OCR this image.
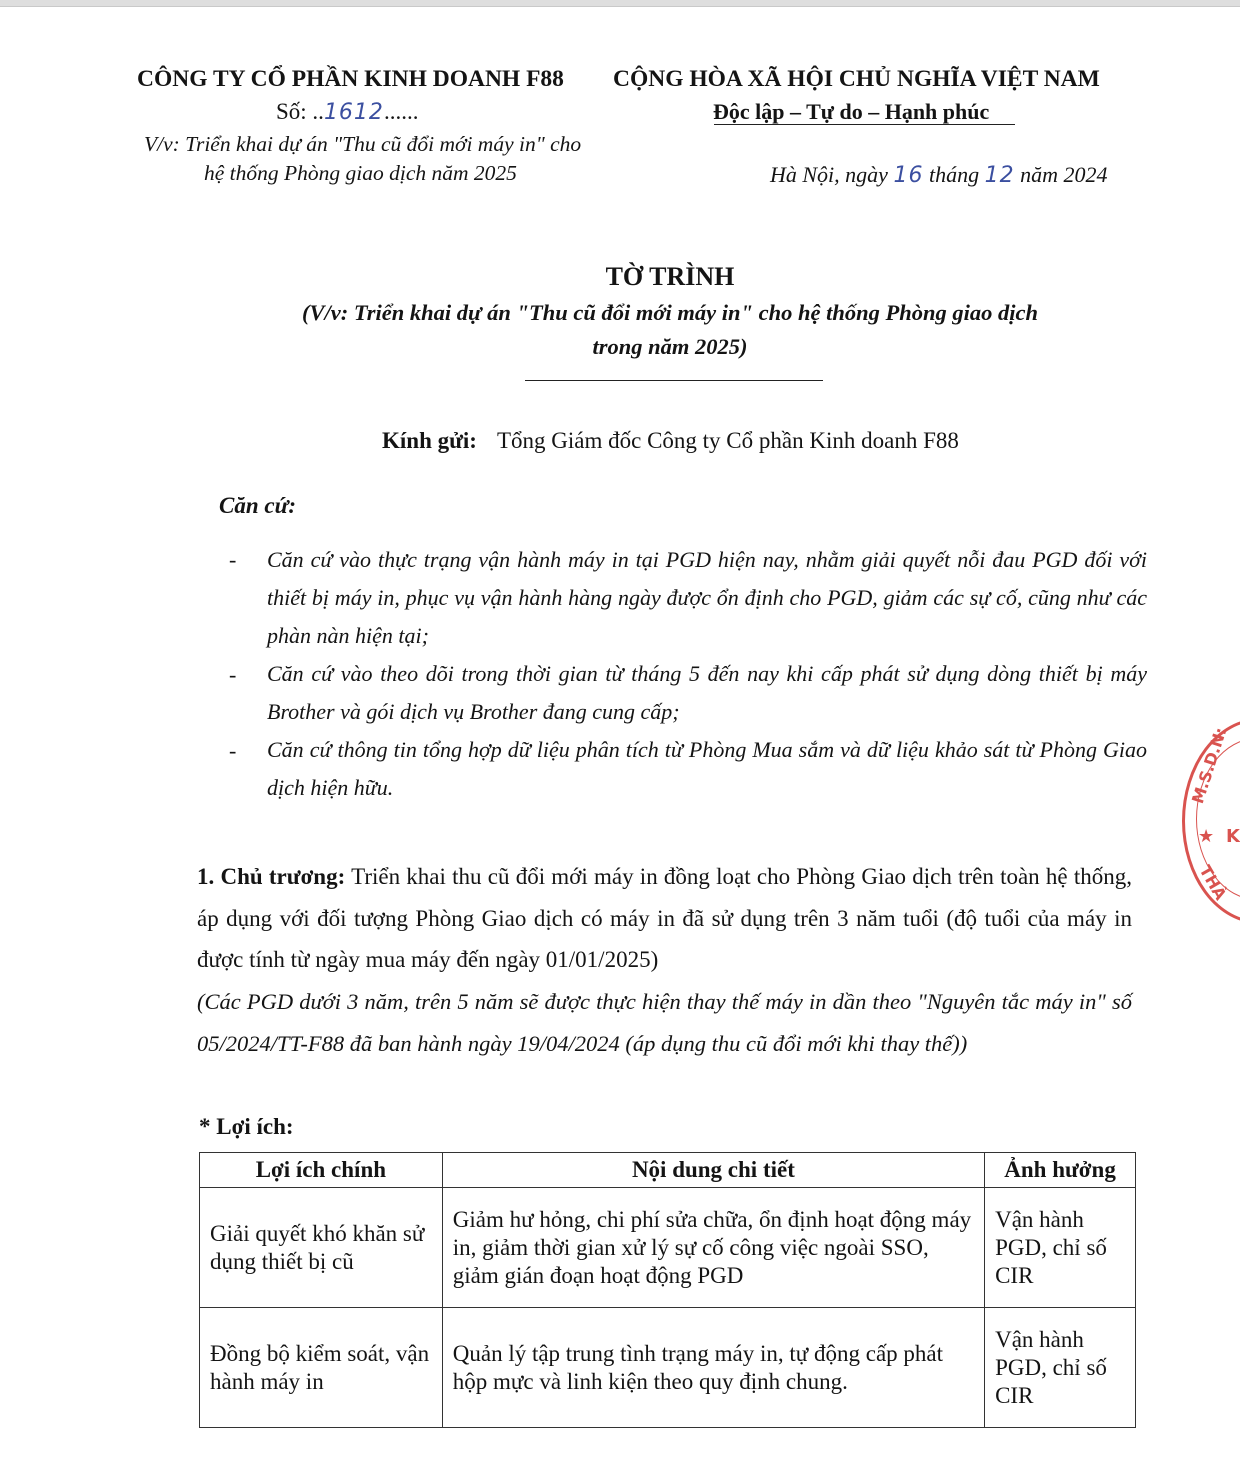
CÔNG TY CỔ PHẦN KINH DOANH F88
Số: ..1612......
V/v: Triển khai dự án "Thu cũ đổi mới máy in" cho
hệ thống Phòng giao dịch năm 2025
CỘNG HÒA XÃ HỘI CHỦ NGHĨA VIỆT NAM
Độc lập – Tự do – Hạnh phúc
Hà Nội, ngày 16 tháng 12 năm 2024
TỜ TRÌNH
(V/v: Triển khai dự án "Thu cũ đổi mới máy in" cho hệ thống Phòng giao dịch
trong năm 2025)
Kính gửi: Tổng Giám đốc Công ty Cổ phần Kinh doanh F88
Căn cứ:
- Căn cứ vào thực trạng vận hành máy in tại PGD hiện nay, nhằm giải quyết nỗi đau PGD đối với thiết bị máy in, phục vụ vận hành hàng ngày được ổn định cho PGD, giảm các sự cố, cũng như các phàn nàn hiện tại;
- Căn cứ vào theo dõi trong thời gian từ tháng 5 đến nay khi cấp phát sử dụng dòng thiết bị máy Brother và gói dịch vụ Brother đang cung cấp;
- Căn cứ thông tin tổng hợp dữ liệu phân tích từ Phòng Mua sắm và dữ liệu khảo sát từ Phòng Giao dịch hiện hữu.
1. Chủ trương: Triển khai thu cũ đổi mới máy in đồng loạt cho Phòng Giao dịch trên toàn hệ thống, áp dụng với đối tượng Phòng Giao dịch có máy in đã sử dụng trên 3 năm tuổi (độ tuổi của máy in được tính từ ngày mua máy đến ngày 01/01/2025)
(Các PGD dưới 3 năm, trên 5 năm sẽ được thực hiện thay thế máy in dần theo "Nguyên tắc máy in" số 05/2024/TT-F88 đã ban hành ngày 19/04/2024 (áp dụng thu cũ đổi mới khi thay thế))
* Lợi ích:
Lợi ích chính	Nội dung chi tiết	Ảnh hưởng
Giải quyết khó khăn sử dụng thiết bị cũ	Giảm hư hỏng, chi phí sửa chữa, ổn định hoạt động máy in, giảm thời gian xử lý sự cố công việc ngoài SSO, giảm gián đoạn hoạt động PGD	Vận hành PGD, chỉ số CIR
Đồng bộ kiểm soát, vận hành máy in	Quản lý tập trung tình trạng máy in, tự động cấp phát hộp mực và linh kiện theo quy định chung.	Vận hành PGD, chỉ số CIR
M.S.D.N:
★ K
THÀ
